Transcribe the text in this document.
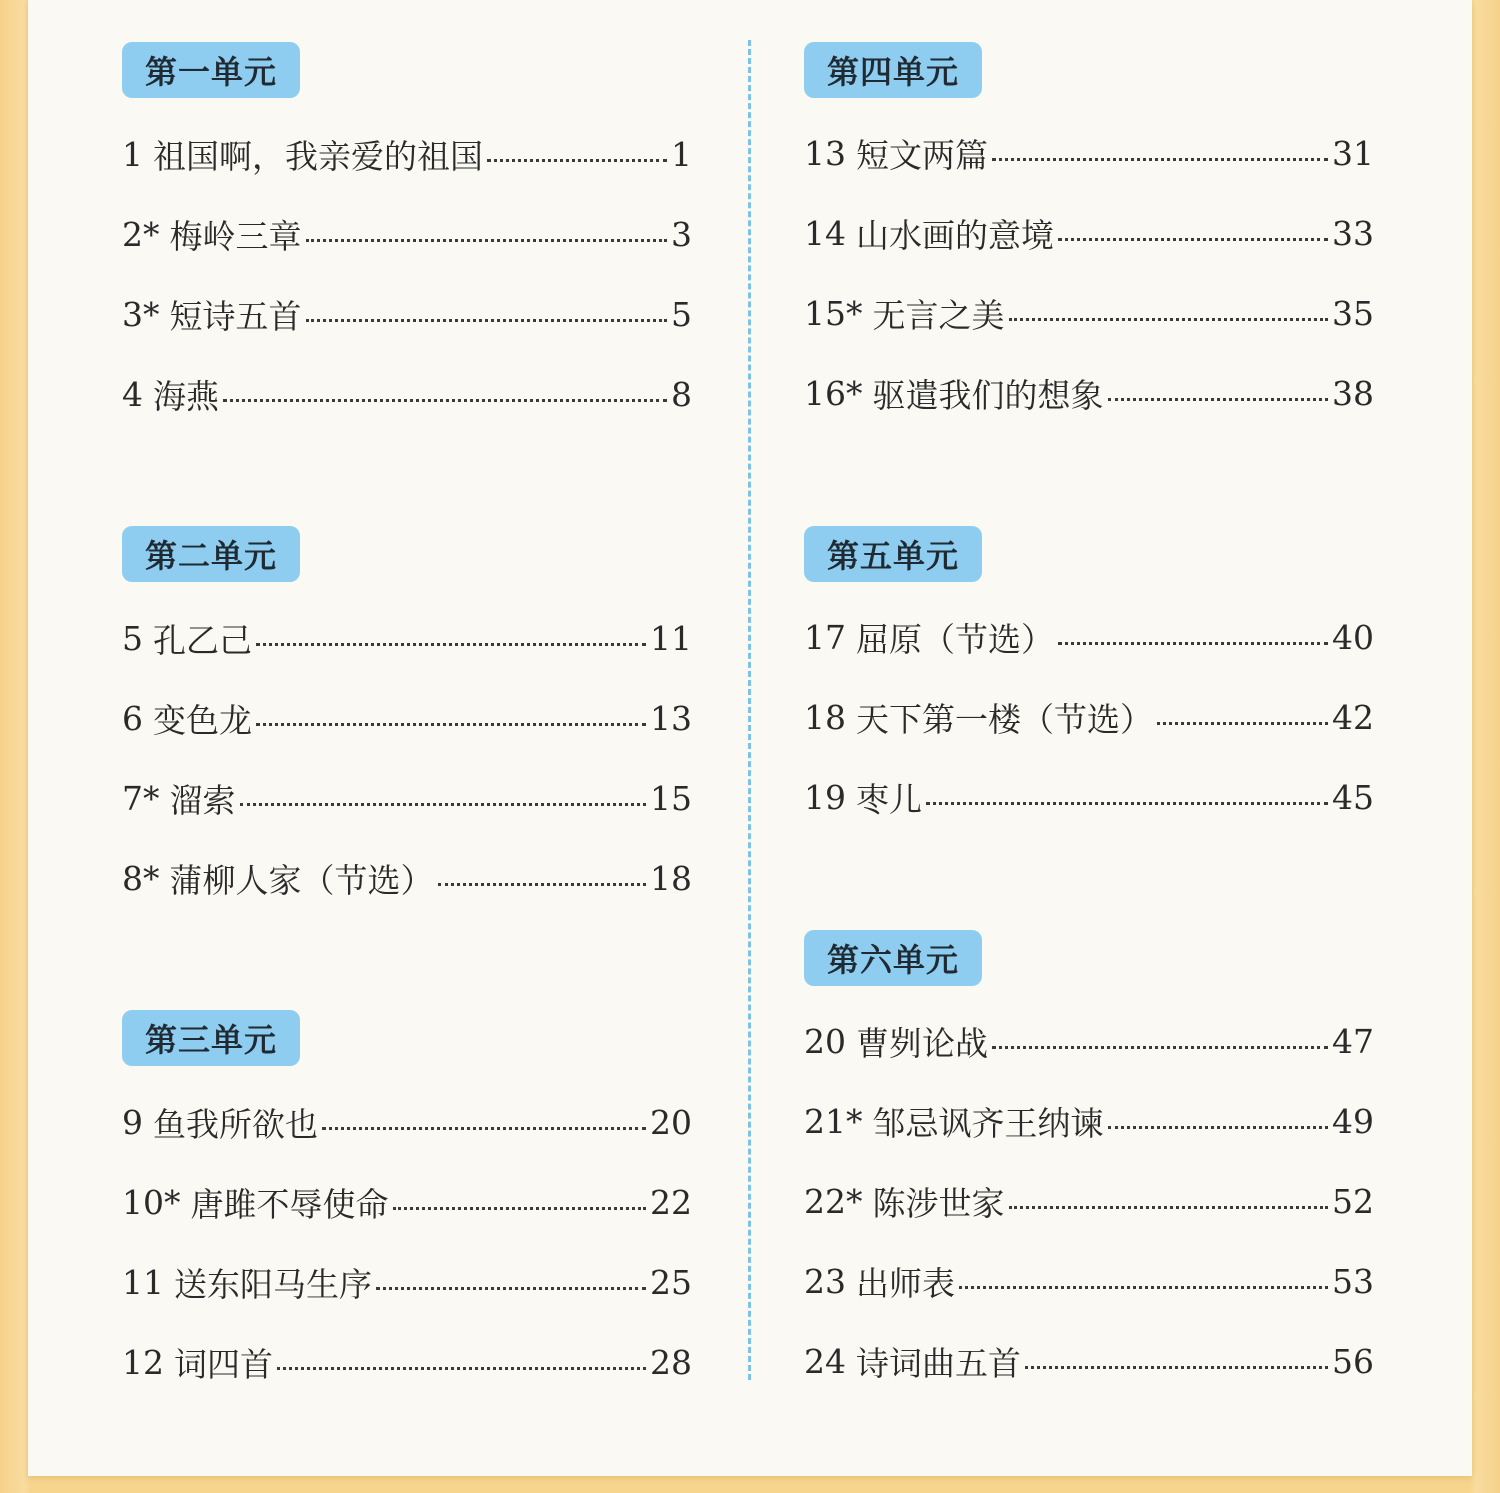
第一单元
1 祖国啊，我亲爱的祖国	1
2* 梅岭三章	3
3* 短诗五首	5
4 海燕	8
第二单元
5 孔乙己	11
6 变色龙	13
7* 溜索	15
8* 蒲柳人家（节选）	18
第三单元
9 鱼我所欲也	20
10* 唐雎不辱使命	22
11 送东阳马生序	25
12 词四首	28
第四单元
13 短文两篇	31
14 山水画的意境	33
15* 无言之美	35
16* 驱遣我们的想象	38
第五单元
17 屈原（节选）	40
18 天下第一楼（节选）	42
19 枣儿	45
第六单元
20 曹刿论战	47
21* 邹忌讽齐王纳谏	49
22* 陈涉世家	52
23 出师表	53
24 诗词曲五首	56
